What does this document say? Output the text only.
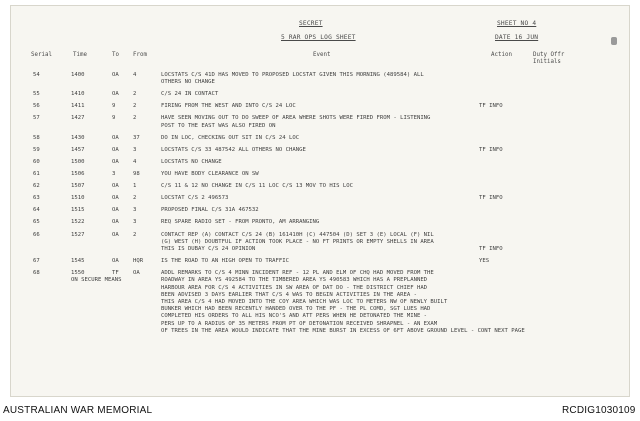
SECRET	SHEET NO 4
5 RAR OPS LOG SHEET	DATE 16 JUN
Serial	Time	To From	Event	Action	Duty Offr
Initials
54	1400	OA	4	LOCSTATS C/S 41D HAS MOVED TO PROPOSED LOCSTAT GIVEN THIS MORNING (489584) ALL
OTHERS NO CHANGE
55	1410	OA	2	C/S 24 IN CONTACT
56	1411	9	2	FIRING FROM THE WEST AND INTO C/S 24 LOC	TF INFO
57	1427	9	2	HAVE SEEN MOVING OUT TO DO SWEEP OF AREA WHERE SHOTS WERE FIRED FROM - LISTENING
POST TO THE EAST WAS ALSO FIRED ON
58	1430	OA	37	DO IN LOC, CHECKING OUT SIT IN C/S 24 LOC
59	1457	OA	3	LOCSTATS C/S 33 487542 ALL OTHERS NO CHANGE	TF INFO
60	1500	OA	4	LOCSTATS NO CHANGE
61	1506	3	98	YOU HAVE BODY CLEARANCE ON SW
62	1507	OA	1	C/S 11 & 12 NO CHANGE IN C/S 11 LOC C/S 13 MOV TO HIS LOC
63	1510	OA	2	LOCSTAT C/S 2 496573	TF INFO
64	1515	OA	3	PROPOSED FINAL C/S 31A 467532
65	1522	OA	3	REQ SPARE RADIO SET - FROM PRONTO, AM ARRANGING
66	1527	OA	2	CONTACT REP (A) CONTACT C/S 24 (B) 161410H (C) 447504 (D) SET 3 (E) LOCAL (F) NIL
(G) WEST (H) DOUBTFUL IF ACTION TOOK PLACE - NO FT PRINTS OR EMPTY SHELLS IN AREA
THIS IS DUBAY C/S 24 OPINION	TF INFO
67	1545	OA	HQR	IS THE ROAD TO AN HIGH OPEN TO TRAFFIC	YES
68	1550	TF	OA
ON SECURE MEANS
ADDL REMARKS TO C/S 4 MINN INCIDENT REF - 12 PL AND ELM OF CHQ HAD MOVED FROM THE
ROADWAY IN AREA YS 492584 TO THE TIMBERED AREA YS 490583 WHICH HAS A PREPLANNED
HARBOUR AREA FOR C/S 4 ACTIVITIES IN SW AREA OF DAT DO - THE DISTRICT CHIEF HAD
BEEN ADVISED 3 DAYS EARLIER THAT C/S 4 WAS TO BEGIN ACTIVITIES IN THE AREA -
THIS AREA C/S 4 HAD MOVED INTO THE COY AREA WHICH WAS LOC TO METERS NW OF NEWLY BUILT
BUNKER WHICH HAD BEEN RECENTLY HANDED OVER TO THE PF - THE PL COMD, SGT LUES HAD
COMPLETED HIS ORDERS TO ALL HIS NCO'S AND ATT PERS WHEN HE DETONATED THE MINE -
PERS UP TO A RADIUS OF 35 METERS FROM PT OF DETONATION RECEIVED SHRAPNEL - AN EXAM
OF TREES IN THE AREA WOULD INDICATE THAT THE MINE BURST IN EXCESS OF 6FT ABOVE GROUND LEVEL - CONT NEXT PAGE
AUSTRALIAN WAR MEMORIAL	RCDIG1030109
